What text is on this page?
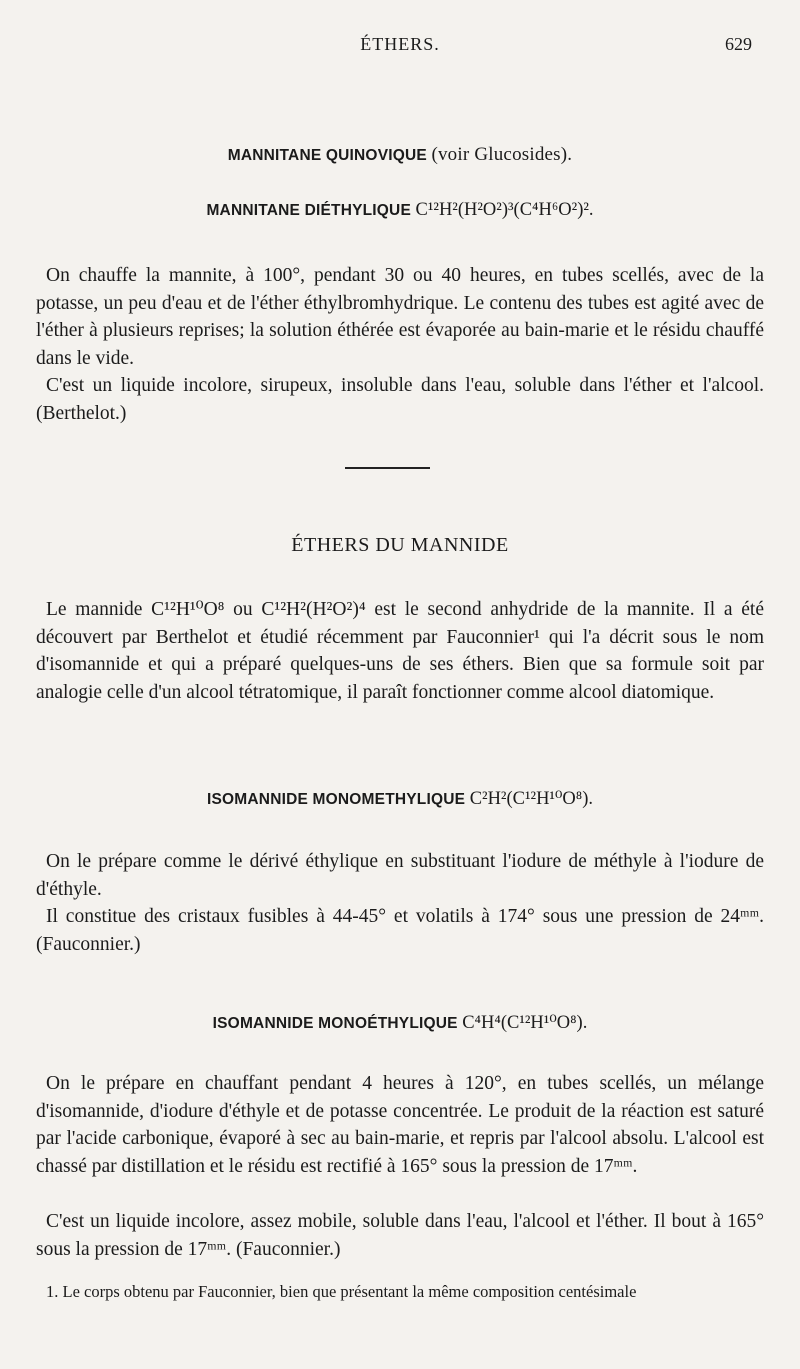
ÉTHERS.	629
MANNITANE QUINOVIQUE (voir Glucosides).
MANNITANE DIÉTHYLIQUE C¹²H²(H²O²)³(C⁴H⁶O²)².
On chauffe la mannite, à 100°, pendant 30 ou 40 heures, en tubes scellés, avec de la potasse, un peu d'eau et de l'éther éthylbromhydrique. Le contenu des tubes est agité avec de l'éther à plusieurs reprises; la solution éthérée est évaporée au bain-marie et le résidu chauffé dans le vide.
C'est un liquide incolore, sirupeux, insoluble dans l'eau, soluble dans l'éther et l'alcool. (Berthelot.)
ÉTHERS DU MANNIDE
Le mannide C¹²H¹⁰O⁸ ou C¹²H²(H²O²)⁴ est le second anhydride de la mannite. Il a été découvert par Berthelot et étudié récemment par Fauconnier¹ qui l'a décrit sous le nom d'isomannide et qui a préparé quelques-uns de ses éthers. Bien que sa formule soit par analogie celle d'un alcool tétratomique, il paraît fonctionner comme alcool diatomique.
ISOMANNIDE MONOMETHYLIQUE C²H²(C¹²H¹⁰O⁸).
On le prépare comme le dérivé éthylique en substituant l'iodure de méthyle à l'iodure de d'éthyle.
Il constitue des cristaux fusibles à 44-45° et volatils à 174° sous une pression de 24ᵐᵐ. (Fauconnier.)
ISOMANNIDE MONOÉTHYLIQUE C⁴H⁴(C¹²H¹⁰O⁸).
On le prépare en chauffant pendant 4 heures à 120°, en tubes scellés, un mélange d'isomannide, d'iodure d'éthyle et de potasse concentrée. Le produit de la réaction est saturé par l'acide carbonique, évaporé à sec au bain-marie, et repris par l'alcool absolu. L'alcool est chassé par distillation et le résidu est rectifié à 165° sous la pression de 17ᵐᵐ.
C'est un liquide incolore, assez mobile, soluble dans l'eau, l'alcool et l'éther. Il bout à 165° sous la pression de 17ᵐᵐ. (Fauconnier.)
1. Le corps obtenu par Fauconnier, bien que présentant la même composition centésimale
